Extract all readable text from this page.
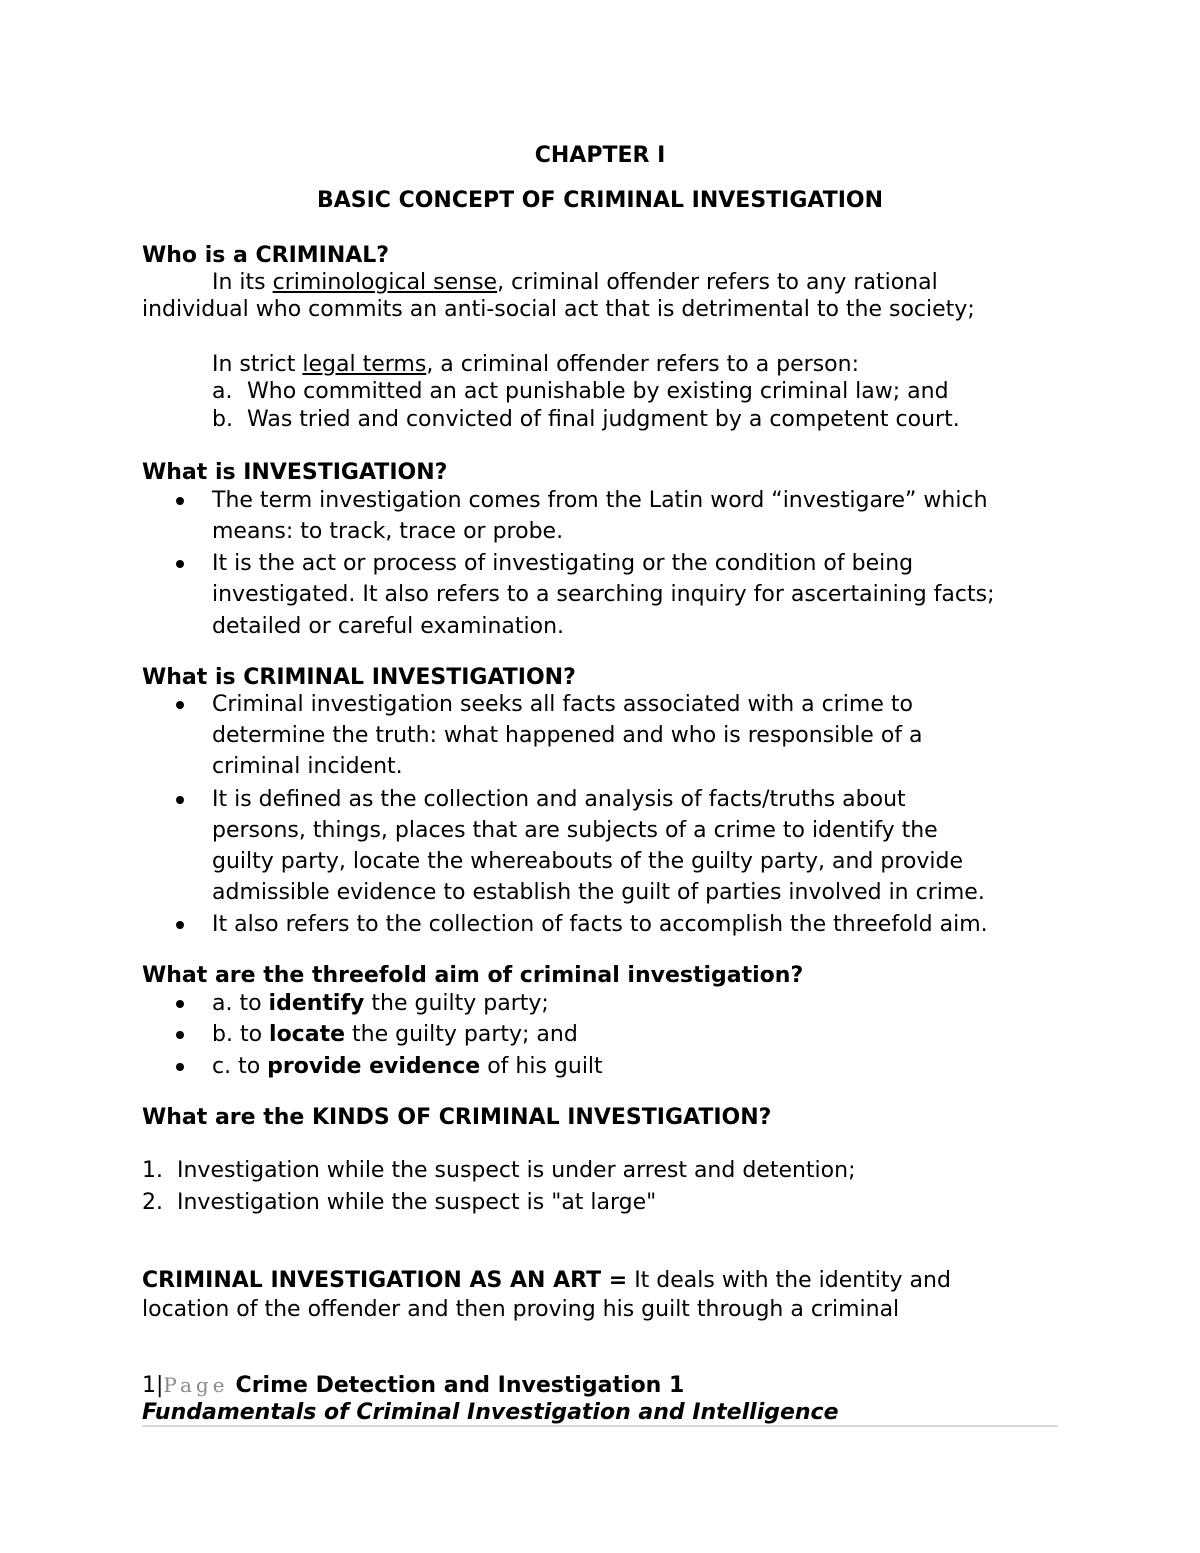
CHAPTER I
BASIC CONCEPT OF CRIMINAL INVESTIGATION
Who is a CRIMINAL?
In its criminological sense, criminal offender refers to any rational
individual who commits an anti-social act that is detrimental to the society;
In strict legal terms, a criminal offender refers to a person:
a. Who committed an act punishable by existing criminal law; and
b. Was tried and convicted of final judgment by a competent court.
What is INVESTIGATION?
The term investigation comes from the Latin word “investigare” which
means: to track, trace or probe.
It is the act or process of investigating or the condition of being
investigated. It also refers to a searching inquiry for ascertaining facts;
detailed or careful examination.
What is CRIMINAL INVESTIGATION?
Criminal investigation seeks all facts associated with a crime to
determine the truth: what happened and who is responsible of a
criminal incident.
It is defined as the collection and analysis of facts/truths about
persons, things, places that are subjects of a crime to identify the
guilty party, locate the whereabouts of the guilty party, and provide
admissible evidence to establish the guilt of parties involved in crime.
It also refers to the collection of facts to accomplish the threefold aim.
What are the threefold aim of criminal investigation?
a. to identify the guilty party;
b. to locate the guilty party; and
c. to provide evidence of his guilt
What are the KINDS OF CRIMINAL INVESTIGATION?
1. Investigation while the suspect is under arrest and detention;
2. Investigation while the suspect is "at large"
CRIMINAL INVESTIGATION AS AN ART = It deals with the identity and
location of the offender and then proving his guilt through a criminal
1|Page Crime Detection and Investigation 1
Fundamentals of Criminal Investigation and Intelligence
